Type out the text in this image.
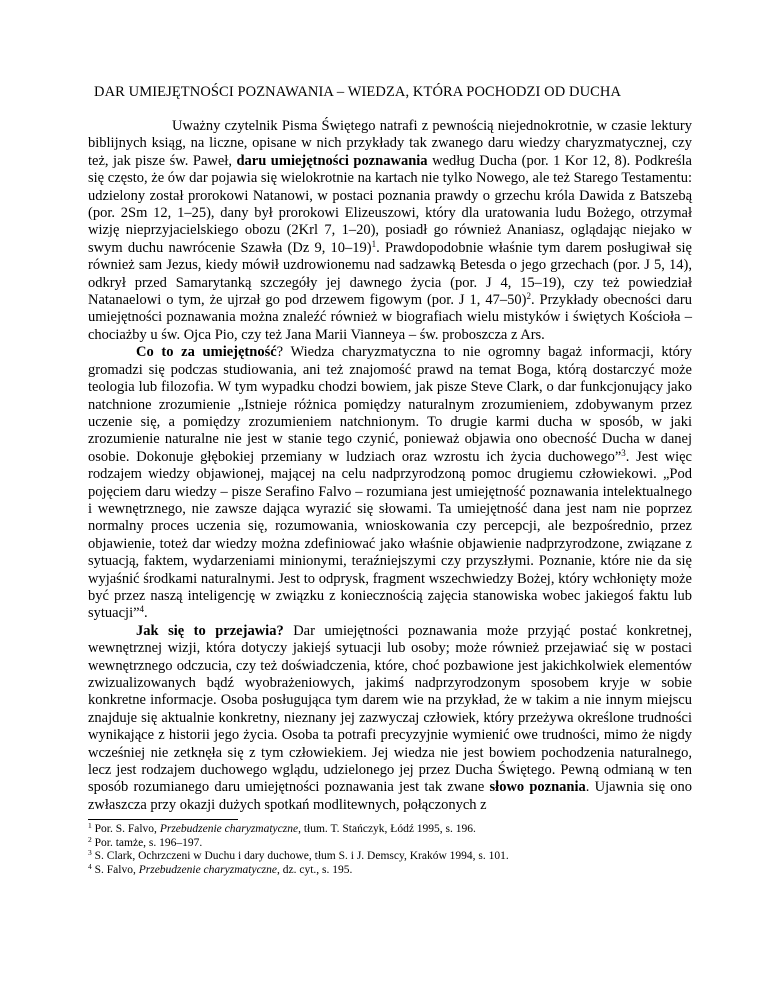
DAR UMIEJĘTNOŚCI POZNAWANIA – WIEDZA, KTÓRA POCHODZI OD DUCHA

Uważny czytelnik Pisma Świętego natrafi z pewnością niejednokrotnie, w czasie lektury biblijnych ksiąg, na liczne, opisane w nich przykłady tak zwanego daru wiedzy charyzmatycznej, czy też, jak pisze św. Paweł, daru umiejętności poznawania według Ducha (por. 1 Kor 12, 8). Podkreśla się często, że ów dar pojawia się wielokrotnie na kartach nie tylko Nowego, ale też Starego Testamentu: udzielony został prorokowi Natanowi, w postaci poznania prawdy o grzechu króla Dawida z Batszebą (por. 2Sm 12, 1–25), dany był prorokowi Elizeuszowi, który dla uratowania ludu Bożego, otrzymał wizję nieprzyjacielskiego obozu (2Krl 7, 1–20), posiadł go również Ananiasz, oglądając niejako w swym duchu nawrócenie Szawła (Dz 9, 10–19)$^1$. Prawdopodobnie właśnie tym darem posługiwał się również sam Jezus, kiedy mówił uzdrowionemu nad sadzawką Betesda o jego grzechach (por. J 5, 14), odkrył przed Samarytanką szczegóły jej dawnego życia (por. J 4, 15–19), czy też powiedział Natanaelowi o tym, że ujrzał go pod drzewem figowym (por. J 1, 47–50)$^2$. Przykłady obecności daru umiejętności poznawania można znaleźć również w biografiach wielu mistyków i świętych Kościoła – chociażby u św. Ojca Pio, czy też Jana Marii Vianneya – św. proboszcza z Ars.

Co to za umiejętność? Wiedza charyzmatyczna to nie ogromny bagaż informacji, który gromadzi się podczas studiowania, ani też znajomość prawd na temat Boga, którą dostarczyć może teologia lub filozofia. W tym wypadku chodzi bowiem, jak pisze Steve Clark, o dar funkcjonujący jako natchnione zrozumienie „Istnieje różnica pomiędzy naturalnym zrozumieniem, zdobywanym przez uczenie się, a pomiędzy zrozumieniem natchnionym. To drugie karmi ducha w sposób, w jaki zrozumienie naturalne nie jest w stanie tego czynić, ponieważ objawia ono obecność Ducha w danej osobie. Dokonuje głębokiej przemiany w ludziach oraz wzrostu ich życia duchowego”$^3$. Jest więc rodzajem wiedzy objawionej, mającej na celu nadprzyrodzoną pomoc drugiemu człowiekowi. „Pod pojęciem daru wiedzy – pisze Serafino Falvo – rozumiana jest umiejętność poznawania intelektualnego i wewnętrznego, nie zawsze dająca wyrazić się słowami. Ta umiejętność dana jest nam nie poprzez normalny proces uczenia się, rozumowania, wnioskowania czy percepcji, ale bezpośrednio, przez objawienie, toteż dar wiedzy można zdefiniować jako właśnie objawienie nadprzyrodzone, związane z sytuacją, faktem, wydarzeniami minionymi, teraźniejszymi czy przyszłymi. Poznanie, które nie da się wyjaśnić środkami naturalnymi. Jest to odprysk, fragment wszechwiedzy Bożej, który wchłonięty może być przez naszą inteligencję w związku z koniecznością zajęcia stanowiska wobec jakiegoś faktu lub sytuacji”$^4$.

Jak się to przejawia? Dar umiejętności poznawania może przyjąć postać konkretnej, wewnętrznej wizji, która dotyczy jakiejś sytuacji lub osoby; może również przejawiać się w postaci wewnętrznego odczucia, czy też doświadczenia, które, choć pozbawione jest jakichkolwiek elementów zwizualizowanych bądź wyobrażeniowych, jakimś nadprzyrodzonym sposobem kryje w sobie konkretne informacje. Osoba posługująca tym darem wie na przykład, że w takim a nie innym miejscu znajduje się aktualnie konkretny, nieznany jej zazwyczaj człowiek, który przeżywa określone trudności wynikające z historii jego życia. Osoba ta potrafi precyzyjnie wymienić owe trudności, mimo że nigdy wcześniej nie zetknęła się z tym człowiekiem. Jej wiedza nie jest bowiem pochodzenia naturalnego, lecz jest rodzajem duchowego wglądu, udzielonego jej przez Ducha Świętego. Pewną odmianą w ten sposób rozumianego daru umiejętności poznawania jest tak zwane słowo poznania. Ujawnia się ono zwłaszcza przy okazji dużych spotkań modlitewnych, połączonych z

$^1$ Por. S. Falvo, Przebudzenie charyzmatyczne, tłum. T. Stańczyk, Łódź 1995, s. 196.

$^2$ Por. tamże, s. 196–197.

$^3$ S. Clark, Ochrzczeni w Duchu i dary duchowe, tłum S. i J. Demscy, Kraków 1994, s. 101.

$^4$ S. Falvo, Przebudzenie charyzmatyczne, dz. cyt., s. 195.
